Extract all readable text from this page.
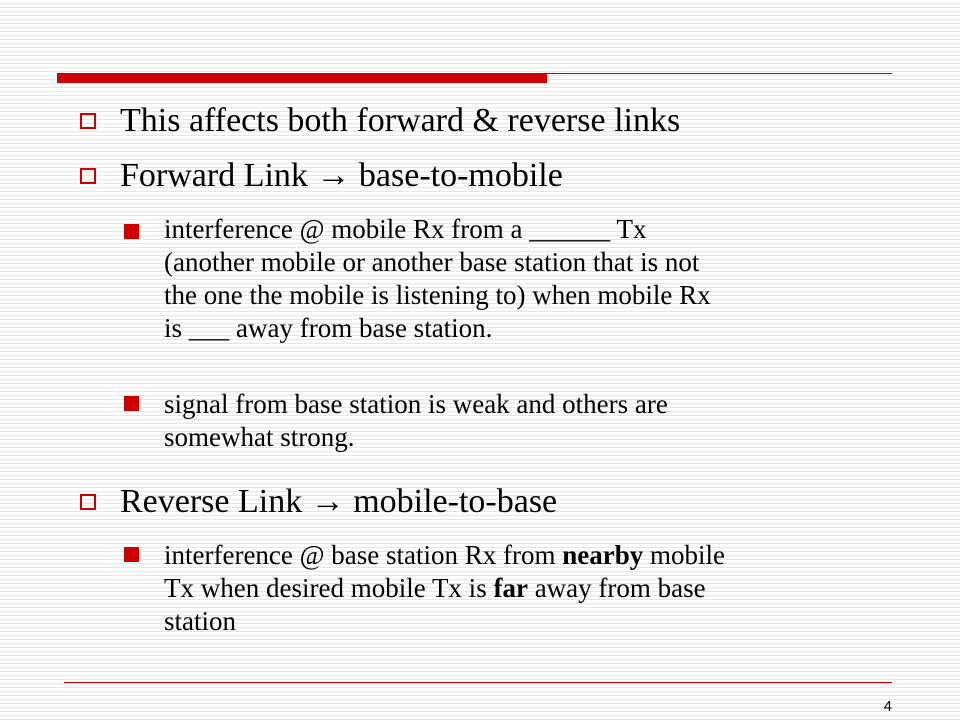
This affects both forward & reverse links
Forward Link → base-to-mobile
interference @ mobile Rx from a ______ Tx
(another mobile or another base station that is not
the one the mobile is listening to) when mobile Rx
is ___ away from base station.
signal from base station is weak and others are
somewhat strong.
Reverse Link → mobile-to-base
interference @ base station Rx from nearby mobile
Tx when desired mobile Tx is far away from base
station
4
